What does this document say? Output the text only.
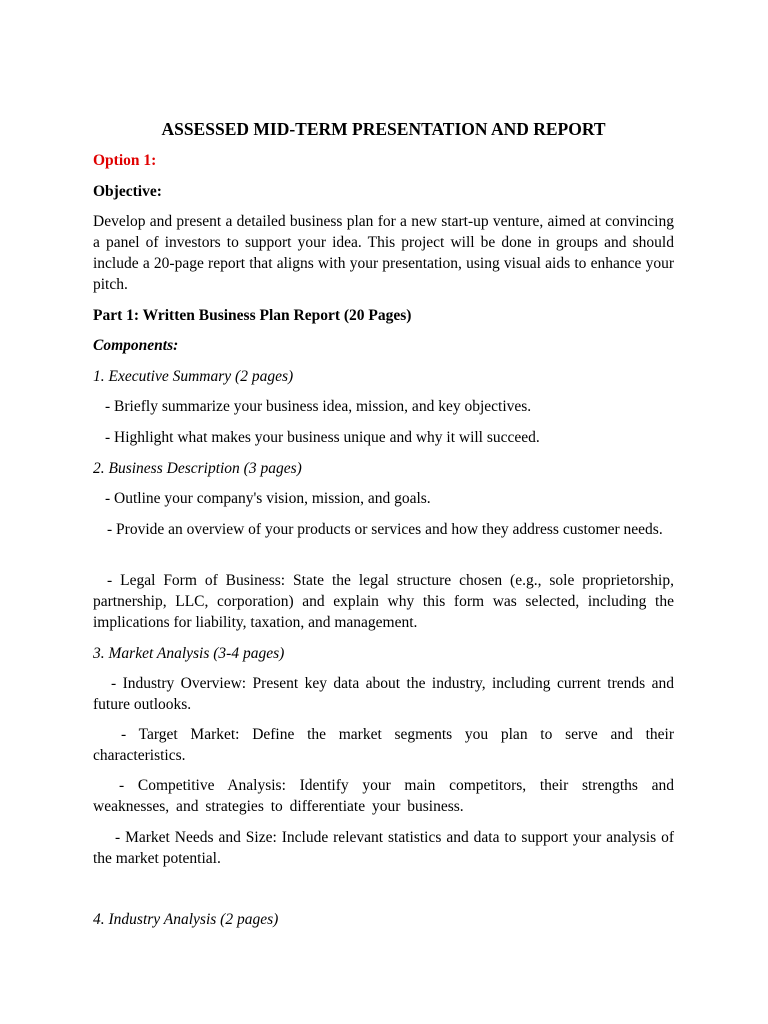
ASSESSED MID-TERM PRESENTATION AND REPORT

Option 1:

Objective:

Develop and present a detailed business plan for a new start-up venture, aimed at convincing a panel of investors to support your idea. This project will be done in groups and should include a 20-page report that aligns with your presentation, using visual aids to enhance your pitch.

Part 1: Written Business Plan Report (20 Pages)

Components:

1. Executive Summary (2 pages)

- Briefly summarize your business idea, mission, and key objectives.

- Highlight what makes your business unique and why it will succeed.

2. Business Description (3 pages)

- Outline your company's vision, mission, and goals.

- Provide an overview of your products or services and how they address customer needs.

- Legal Form of Business: State the legal structure chosen (e.g., sole proprietorship, partnership, LLC, corporation) and explain why this form was selected, including the implications for liability, taxation, and management.

3. Market Analysis (3-4 pages)

- Industry Overview: Present key data about the industry, including current trends and future outlooks.

- Target Market: Define the market segments you plan to serve and their characteristics.

- Competitive Analysis: Identify your main competitors, their strengths and weaknesses, and strategies to differentiate your business.

- Market Needs and Size: Include relevant statistics and data to support your analysis of the market potential.

4. Industry Analysis (2 pages)
